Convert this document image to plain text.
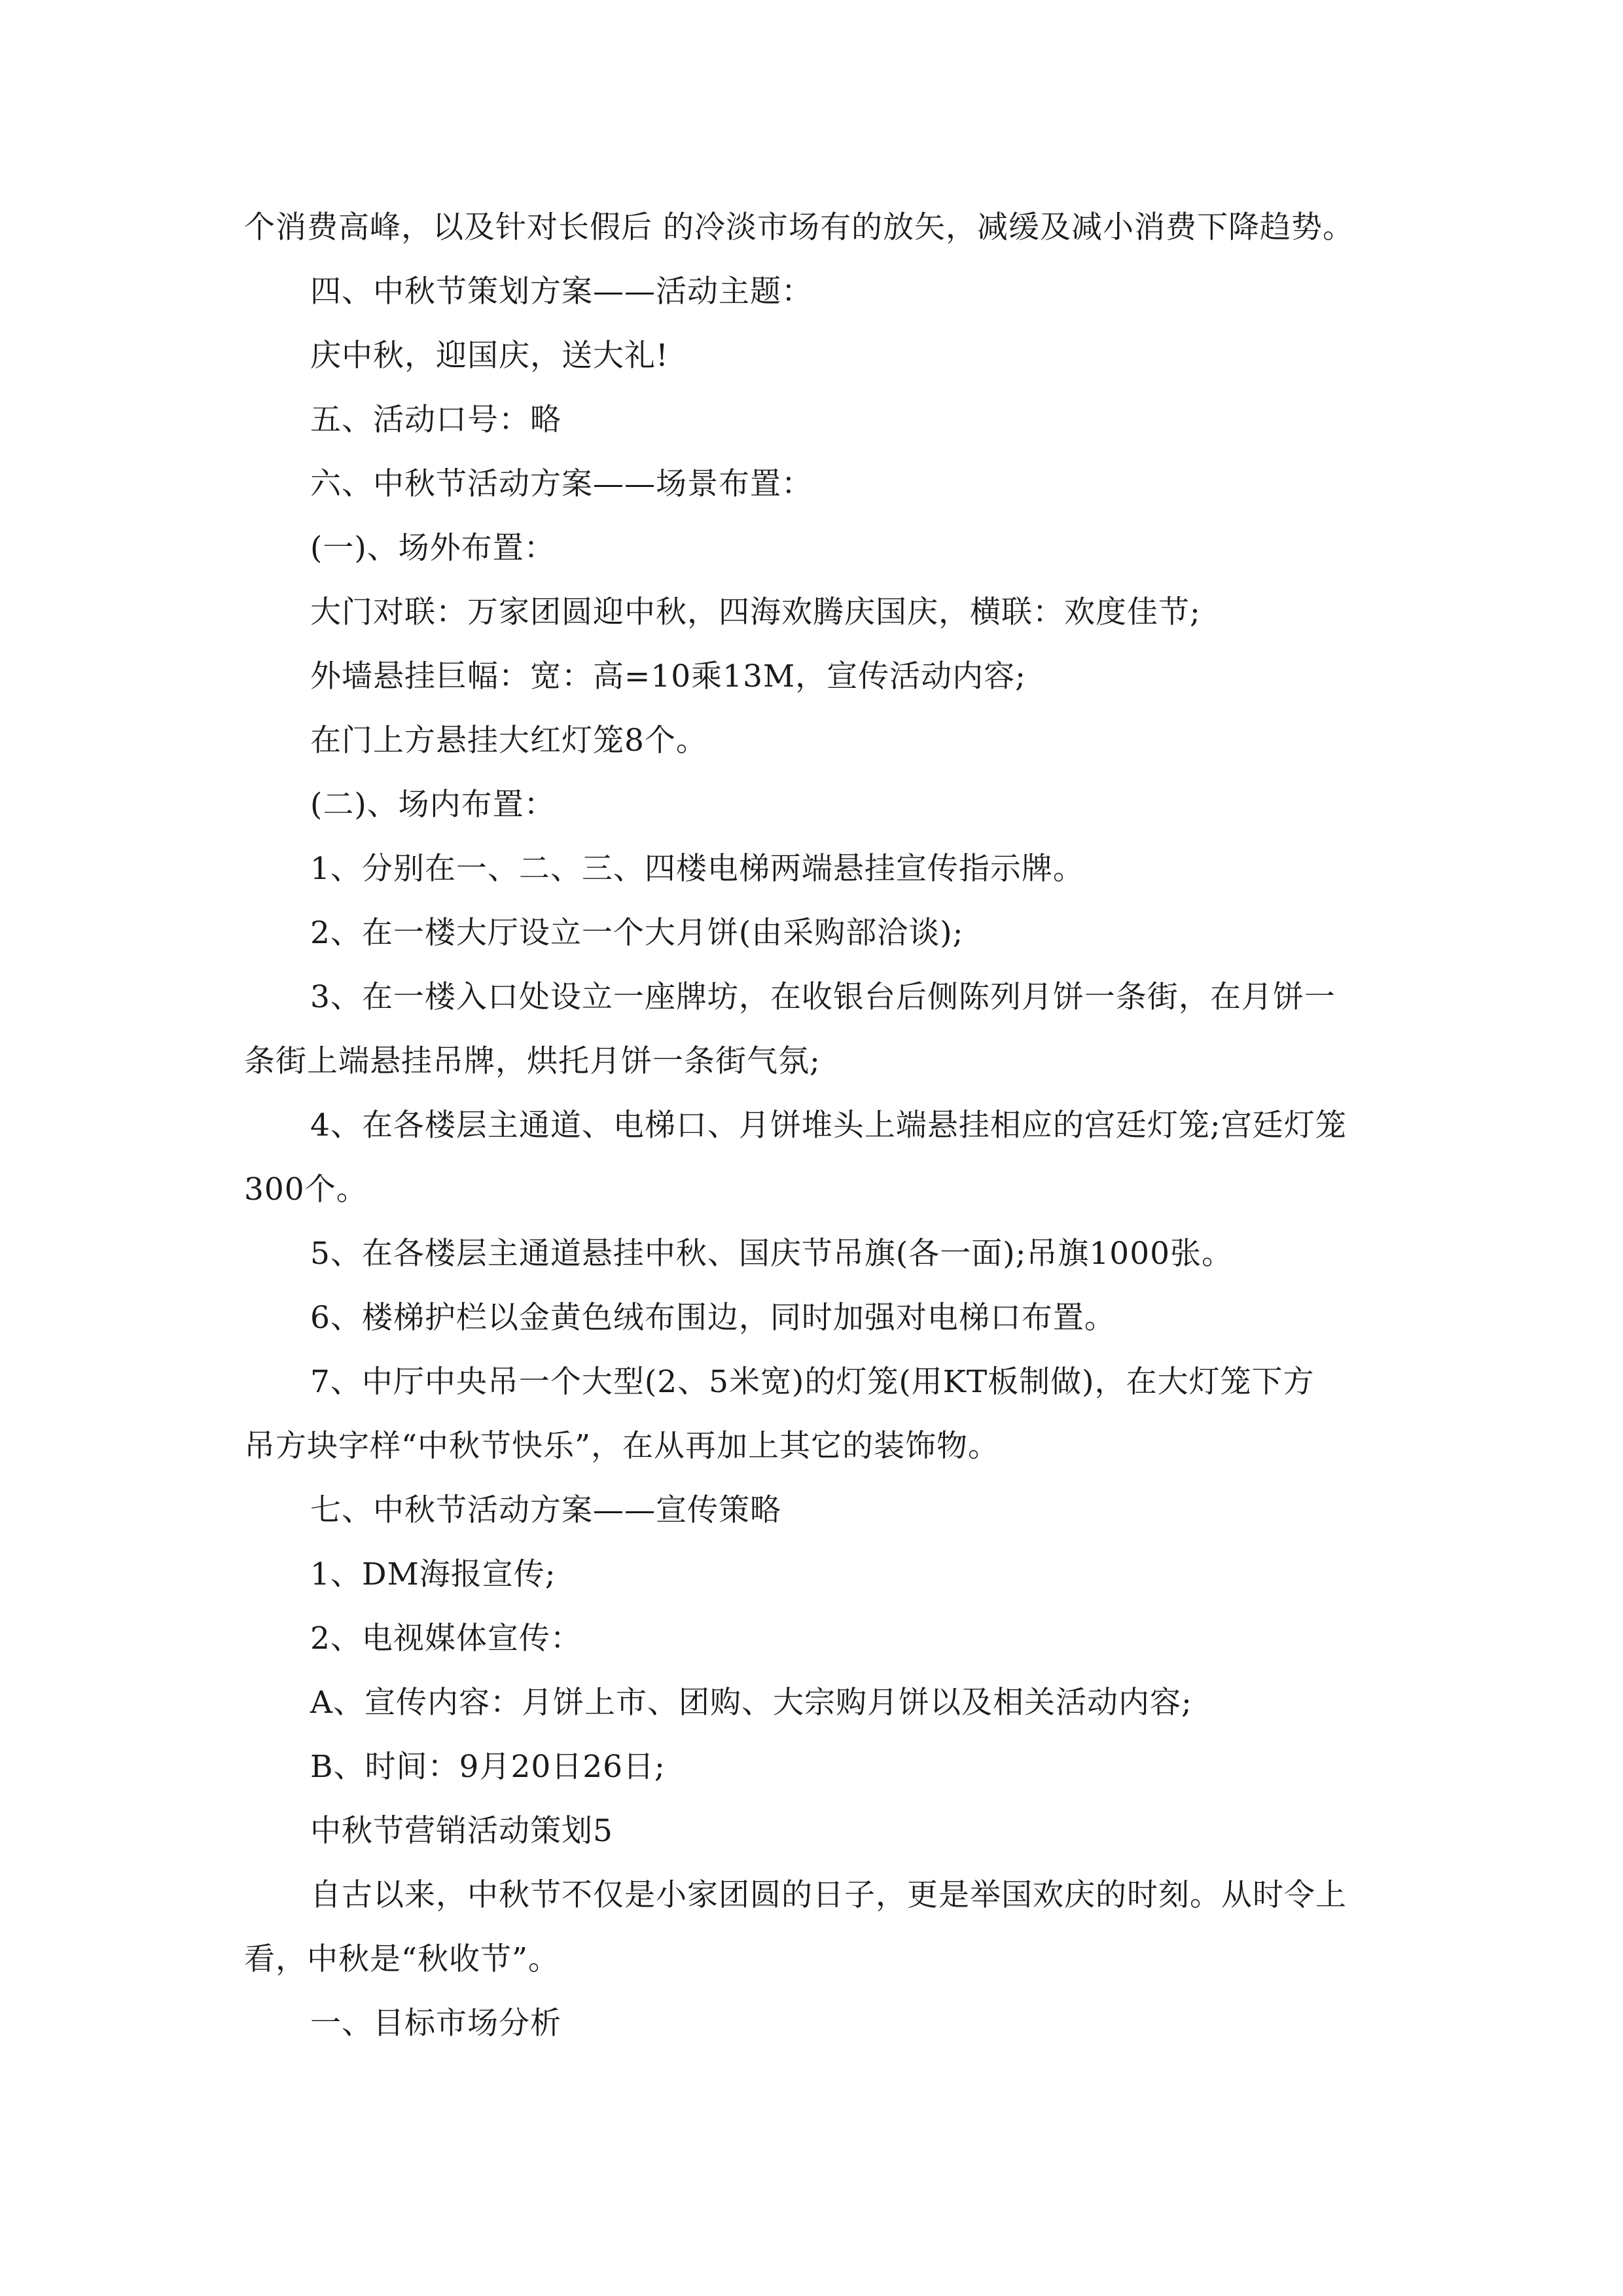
个消费高峰，以及针对长假后 的冷淡市场有的放矢，减缓及减小消费下降趋势。
四、中秋节策划方案——活动主题：
庆中秋，迎国庆，送大礼!
五、活动口号：略
六、中秋节活动方案——场景布置：
(一)、场外布置：
大门对联：万家团圆迎中秋，四海欢腾庆国庆，横联：欢度佳节;
外墙悬挂巨幅：宽：高=10乘13M，宣传活动内容;
在门上方悬挂大红灯笼8个。
(二)、场内布置：
1、分别在一、二、三、四楼电梯两端悬挂宣传指示牌。
2、在一楼大厅设立一个大月饼(由采购部洽谈);
3、在一楼入口处设立一座牌坊，在收银台后侧陈列月饼一条街，在月饼一
条街上端悬挂吊牌，烘托月饼一条街气氛;
4、在各楼层主通道、电梯口、月饼堆头上端悬挂相应的宫廷灯笼;宫廷灯笼
300个。
5、在各楼层主通道悬挂中秋、国庆节吊旗(各一面);吊旗1000张。
6、楼梯护栏以金黄色绒布围边，同时加强对电梯口布置。
7、中厅中央吊一个大型(2、5米宽)的灯笼(用KT板制做)，在大灯笼下方
吊方块字样“中秋节快乐”，在从再加上其它的装饰物。
七、中秋节活动方案——宣传策略
1、DM海报宣传;
2、电视媒体宣传：
A、宣传内容：月饼上市、团购、大宗购月饼以及相关活动内容;
B、时间：9月20日26日;
中秋节营销活动策划5
自古以来，中秋节不仅是小家团圆的日子，更是举国欢庆的时刻。从时令上
看，中秋是“秋收节”。
一、目标市场分析
